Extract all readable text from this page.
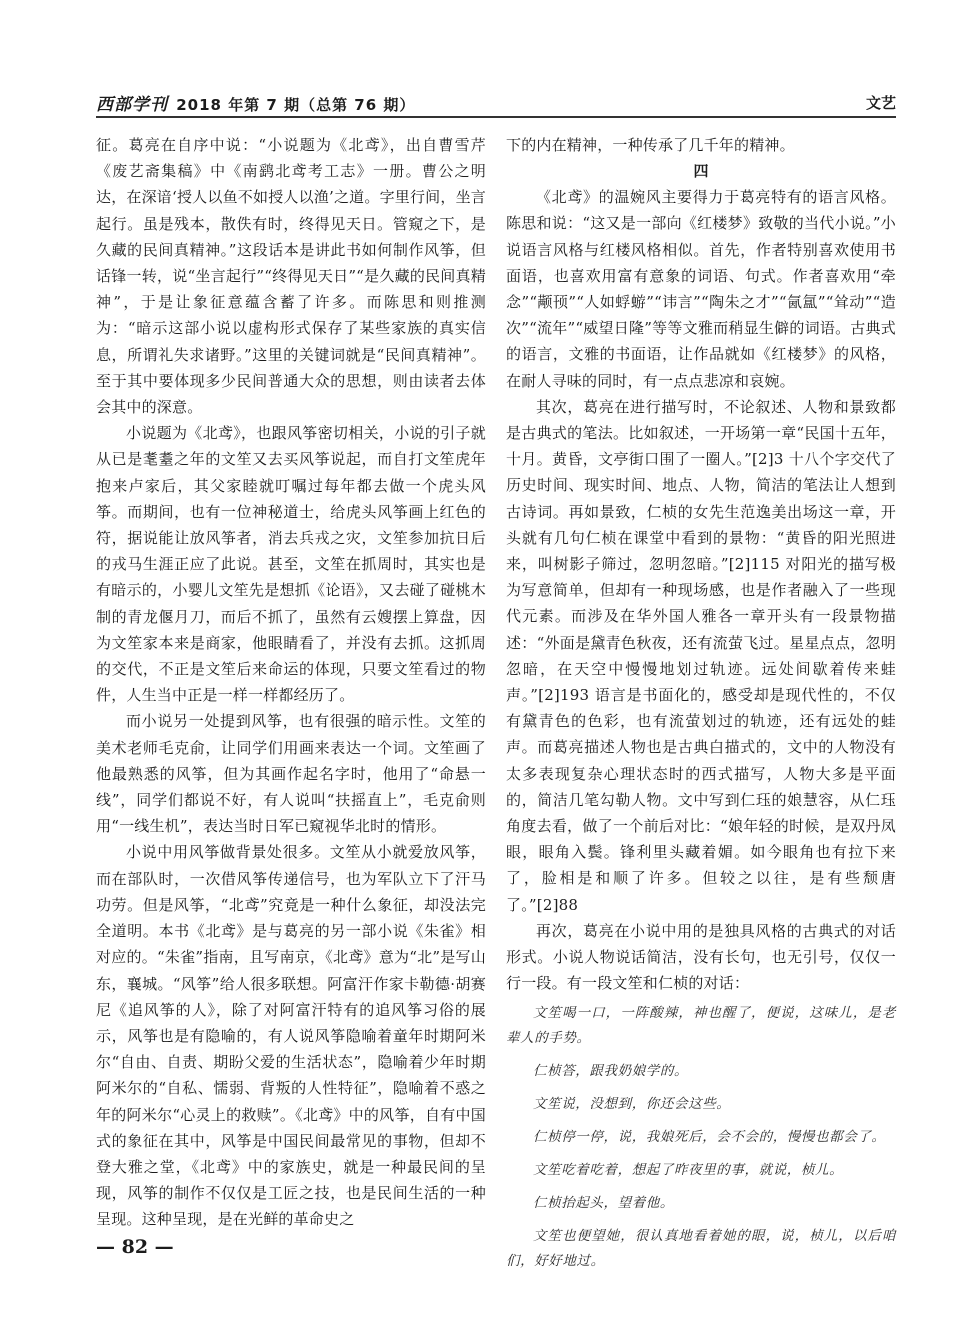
西部学刊 2018 年第 7 期（总第 76 期）	文艺

征。葛亮在自序中说：“小说题为《北鸢》，出自曹雪芹《废艺斋集稿》中《南鹞北鸢考工志》一册。曹公之明达，在深谙‘授人以鱼不如授人以渔’之道。字里行间，坐言起行。虽是残本，散佚有时，终得见天日。管窥之下，是久藏的民间真精神。”这段话本是讲此书如何制作风筝，但话锋一转，说“坐言起行”“终得见天日”“是久藏的民间真精神”，于是让象征意蕴含蓄了许多。而陈思和则推测为：“暗示这部小说以虚构形式保存了某些家族的真实信息，所谓礼失求诸野。”这里的关键词就是“民间真精神”。至于其中要体现多少民间普通大众的思想，则由读者去体会其中的深意。

小说题为《北鸢》，也跟风筝密切相关，小说的引子就从已是耄耋之年的文笙又去买风筝说起，而自打文笙虎年抱来卢家后，其父家睦就叮嘱过每年都去做一个虎头风筝。而期间，也有一位神秘道士，给虎头风筝画上红色的符，据说能让放风筝者，消去兵戎之灾，文笙参加抗日后的戎马生涯正应了此说。甚至，文笙在抓周时，其实也是有暗示的，小婴儿文笙先是想抓《论语》，又去碰了碰桃木制的青龙偃月刀，而后不抓了，虽然有云嫂摆上算盘，因为文笙家本来是商家，他眼睛看了，并没有去抓。这抓周的交代，不正是文笙后来命运的体现，只要文笙看过的物件，人生当中正是一样一样都经历了。

而小说另一处提到风筝，也有很强的暗示性。文笙的美术老师毛克俞，让同学们用画来表达一个词。文笙画了他最熟悉的风筝，但为其画作起名字时，他用了“命悬一线”，同学们都说不好，有人说叫“扶摇直上”，毛克俞则用“一线生机”，表达当时日军已窥视华北时的情形。

小说中用风筝做背景处很多。文笙从小就爱放风筝，而在部队时，一次借风筝传递信号，也为军队立下了汗马功劳。但是风筝，“北鸢”究竟是一种什么象征，却没法完全道明。本书《北鸢》是与葛亮的另一部小说《朱雀》相对应的。“朱雀”指南，且写南京，《北鸢》意为“北”是写山东，襄城。“风筝”给人很多联想。阿富汗作家卡勒德·胡赛尼《追风筝的人》，除了对阿富汗特有的追风筝习俗的展示，风筝也是有隐喻的，有人说风筝隐喻着童年时期阿米尔“自由、自责、期盼父爱的生活状态”，隐喻着少年时期阿米尔的“自私、懦弱、背叛的人性特征”，隐喻着不惑之年的阿米尔“心灵上的救赎”。《北鸢》中的风筝，自有中国式的象征在其中，风筝是中国民间最常见的事物，但却不登大雅之堂，《北鸢》中的家族史，就是一种最民间的呈现，风筝的制作不仅仅是工匠之技，也是民间生活的一种呈现。这种呈现，是在光鲜的革命史之

下的内在精神，一种传承了几千年的精神。

四

《北鸢》的温婉风主要得力于葛亮特有的语言风格。陈思和说：“这又是一部向《红楼梦》致敬的当代小说。”小说语言风格与红楼风格相似。首先，作者特别喜欢使用书面语，也喜欢用富有意象的词语、句式。作者喜欢用“牵念”“颟顸”“人如蜉蝣”“讳言”“陶朱之才”“氤氲”“耸动”“造次”“流年”“威望日隆”等等文雅而稍显生僻的词语。古典式的语言，文雅的书面语，让作品就如《红楼梦》的风格，在耐人寻味的同时，有一点点悲凉和哀婉。

其次，葛亮在进行描写时，不论叙述、人物和景致都是古典式的笔法。比如叙述，一开场第一章“民国十五年，十月。黄昏，文亭街口围了一圈人。”[2]3 十八个字交代了历史时间、现实时间、地点、人物，简洁的笔法让人想到古诗词。再如景致，仁桢的女先生范逸美出场这一章，开头就有几句仁桢在课堂中看到的景物：“黄昏的阳光照进来，叫树影子筛过，忽明忽暗。”[2]115 对阳光的描写极为写意简单，但却有一种现场感，也是作者融入了一些现代元素。而涉及在华外国人雅各一章开头有一段景物描述：“外面是黛青色秋夜，还有流萤飞过。星星点点，忽明忽暗，在天空中慢慢地划过轨迹。远处间歇着传来蛙声。”[2]193 语言是书面化的，感受却是现代性的，不仅有黛青色的色彩，也有流萤划过的轨迹，还有远处的蛙声。而葛亮描述人物也是古典白描式的，文中的人物没有太多表现复杂心理状态时的西式描写，人物大多是平面的，简洁几笔勾勒人物。文中写到仁珏的娘慧容，从仁珏角度去看，做了一个前后对比：“娘年轻的时候，是双丹凤眼，眼角入鬓。锋利里头藏着媚。如今眼角也有拉下来了，脸相是和顺了许多。但较之以往，是有些颓唐了。”[2]88

再次，葛亮在小说中用的是独具风格的古典式的对话形式。小说人物说话简洁，没有长句，也无引号，仅仅一行一段。有一段文笙和仁桢的对话：

文笙喝一口，一阵酸辣，神也醒了，便说，这味儿，是老辈人的手势。

仁桢答，跟我奶娘学的。

文笙说，没想到，你还会这些。

仁桢停一停，说，我娘死后，会不会的，慢慢也都会了。

文笙吃着吃着，想起了昨夜里的事，就说，桢儿。

仁桢抬起头，望着他。

文笙也便望她，很认真地看着她的眼，说，桢儿，以后咱们，好好地过。

— 82 —
